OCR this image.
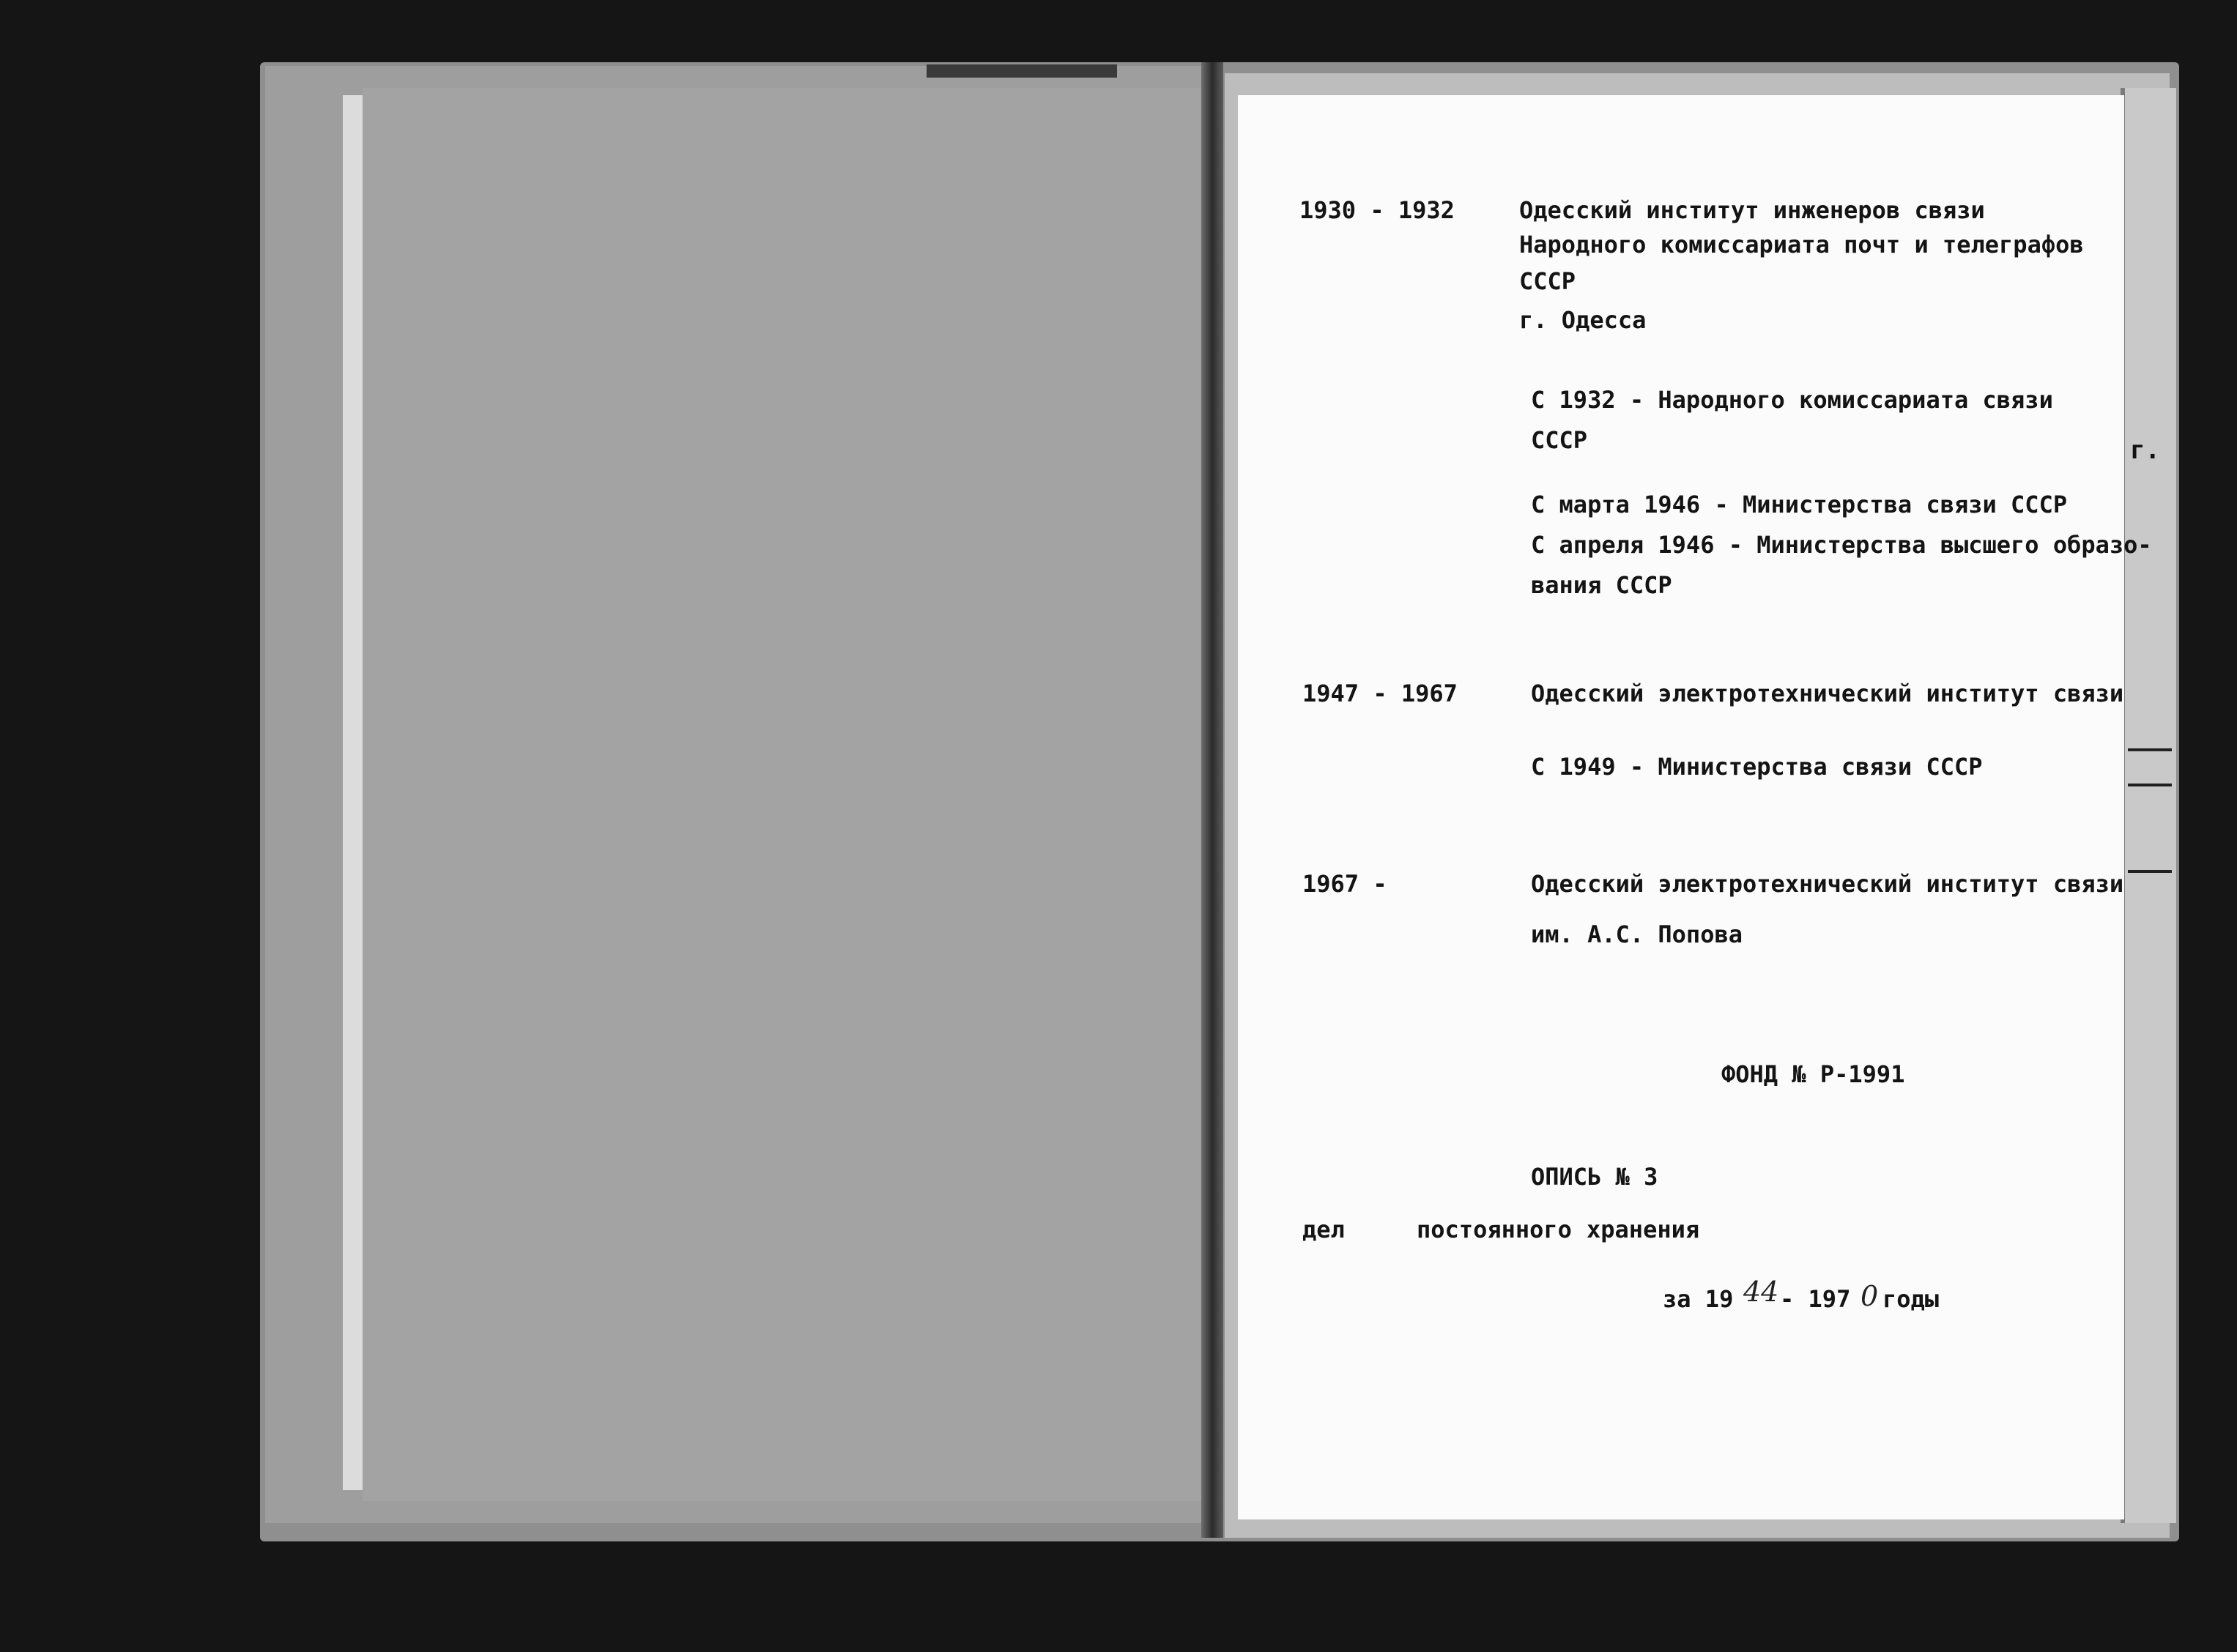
г.
1930 - 1932	Одесский институт инженеров связи
Народного комиссариата почт и телеграфов
СССР
г. Одесса
С 1932 - Народного комиссариата связи
СССР
С марта 1946 - Министерства связи СССР
С апреля 1946 - Министерства высшего образо-
вания СССР
1947 - 1967	Одесский электротехнический институт связи
С 1949 - Министерства связи СССР
1967 -	Одесский электротехнический институт связи
им. А.С. Попова
ФОНД № Р-1991
ОПИСЬ № 3
дел	постоянного хранения
за 19 44 - 197 0 годы
